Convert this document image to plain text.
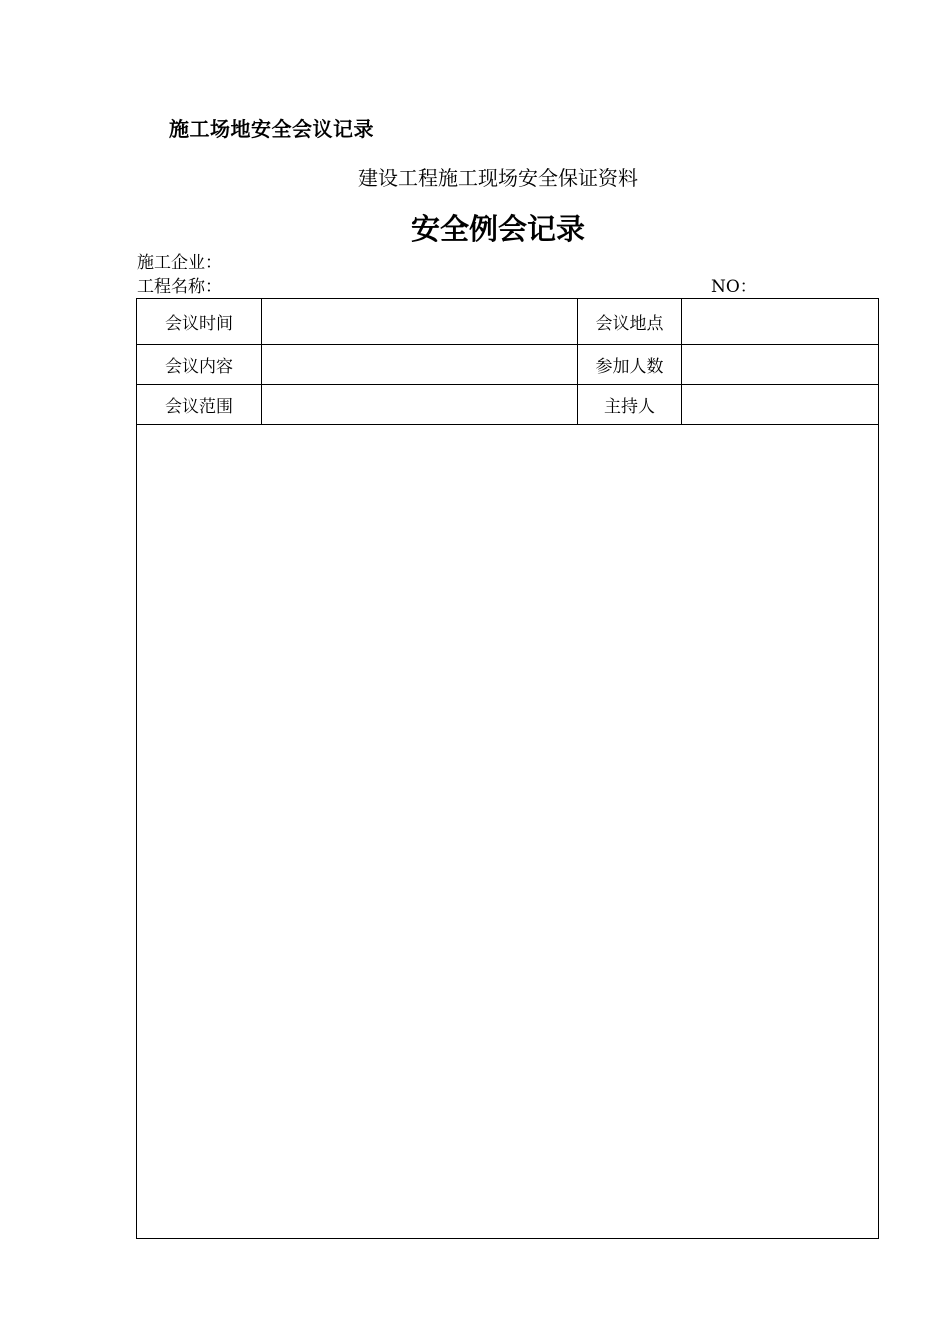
施工场地安全会议记录
建设工程施工现场安全保证资料
安全例会记录
施工企业：
工程名称：	NO：
会议时间		会议地点	
会议内容		参加人数	
会议范围		主持人	
